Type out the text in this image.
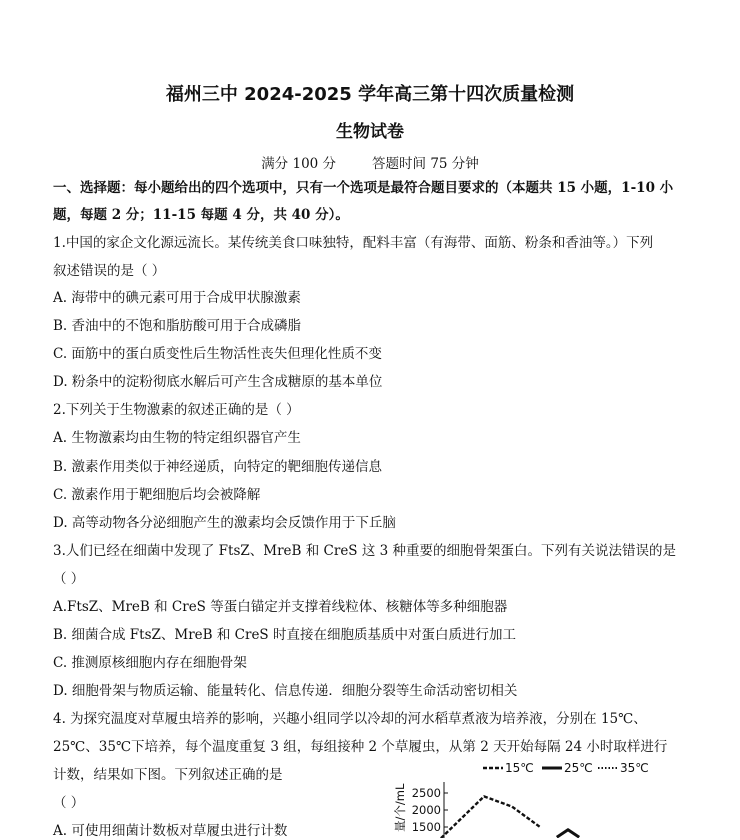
福州三中 2024-2025 学年高三第十四次质量检测
生物试卷
满分 100 分	答题时间 75 分钟
一、选择题：每小题给出的四个选项中，只有一个选项是最符合题目要求的（本题共 15 小题，1-10 小
题，每题 2 分；11-15 每题 4 分，共 40 分）。
1.中国的家企文化源远流长。某传统美食口味独特，配料丰富（有海带、面筋、粉条和香油等。）下列
叙述错误的是（ ）
A. 海带中的碘元素可用于合成甲状腺激素
B. 香油中的不饱和脂肪酸可用于合成磷脂
C. 面筋中的蛋白质变性后生物活性丧失但理化性质不变
D. 粉条中的淀粉彻底水解后可产生含成糖原的基本单位
2.下列关于生物激素的叙述正确的是（ ）
A. 生物激素均由生物的特定组织器官产生
B. 激素作用类似于神经递质，向特定的靶细胞传递信息
C. 激素作用于靶细胞后均会被降解
D. 高等动物各分泌细胞产生的激素均会反馈作用于下丘脑
3.人们已经在细菌中发现了 FtsZ、MreB 和 CreS 这 3 种重要的细胞骨架蛋白。下列有关说法错误的是
（ ）
A.FtsZ、MreB 和 CreS 等蛋白锚定并支撑着线粒体、核糖体等多种细胞器
B. 细菌合成 FtsZ、MreB 和 CreS 时直接在细胞质基质中对蛋白质进行加工
C. 推测原核细胞内存在细胞骨架
D. 细胞骨架与物质运输、能量转化、信息传递．细胞分裂等生命活动密切相关
4. 为探究温度对草履虫培养的影响，兴趣小组同学以冷却的河水稻草煮液为培养液，分别在 15℃、
25℃、35℃下培养，每个温度重复 3 组，每组接种 2 个草履虫，从第 2 天开始每隔 24 小时取样进行
计数，结果如下图。下列叙述正确的是
（ ）
A. 可使用细菌计数板对草履虫进行计数
15℃	25℃ 35℃
1500
2000
2500
量/个/mL
